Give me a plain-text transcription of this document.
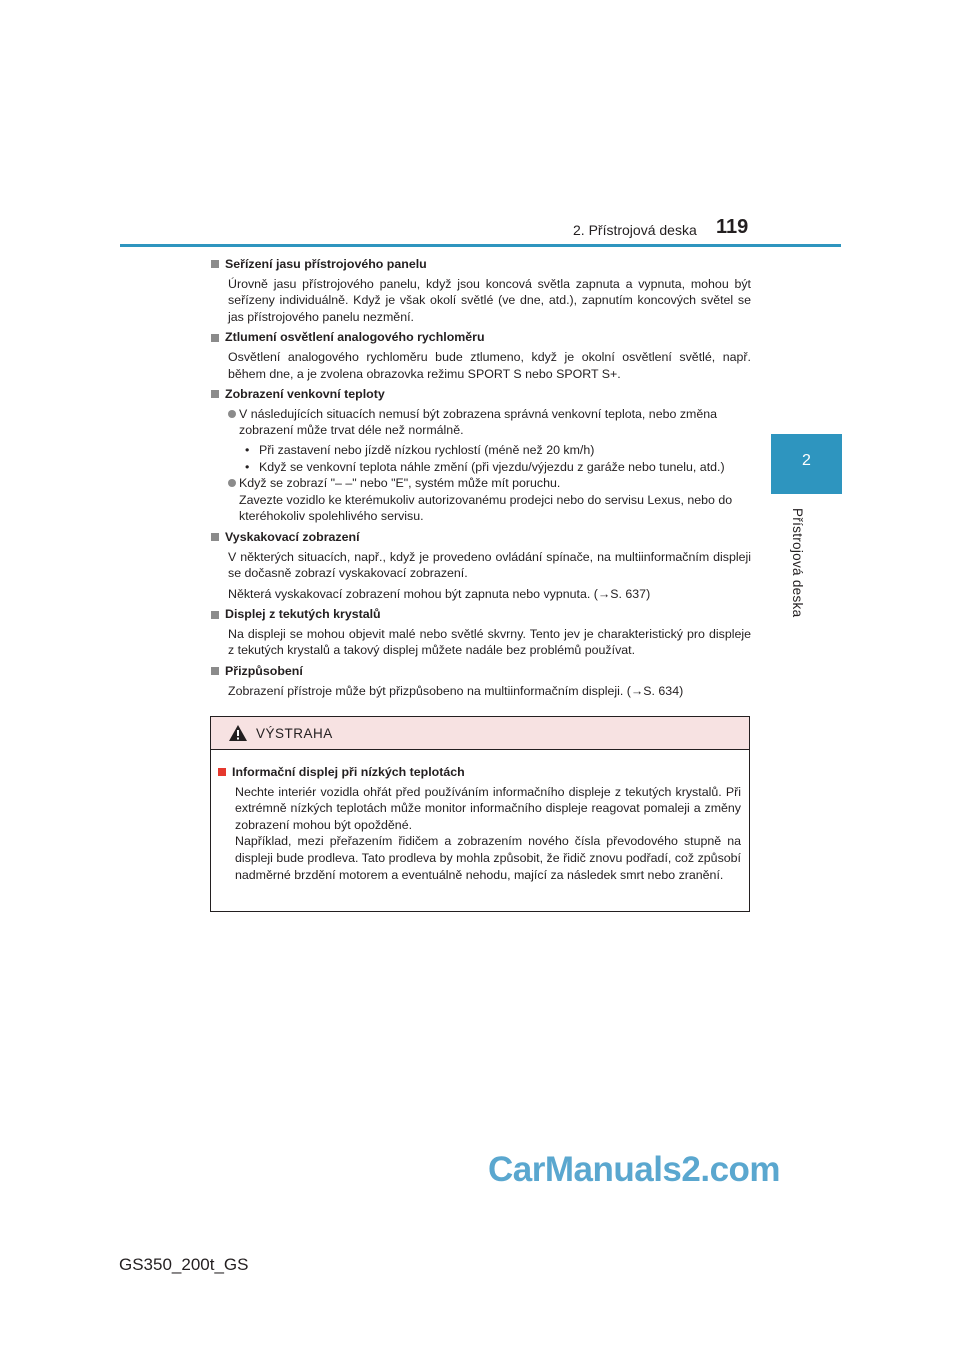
2. Přístrojová deska 119
2
Přístrojová deska
Seřízení jasu přístrojového panelu
Úrovně jasu přístrojového panelu, když jsou koncová světla zapnuta a vypnuta, mohou být seřízeny individuálně. Když je však okolí světlé (ve dne, atd.), zapnutím koncových světel se jas přístrojového panelu nezmění.
Ztlumení osvětlení analogového rychloměru
Osvětlení analogového rychloměru bude ztlumeno, když je okolní osvětlení světlé, např. během dne, a je zvolena obrazovka režimu SPORT S nebo SPORT S+.
Zobrazení venkovní teploty
V následujících situacích nemusí být zobrazena správná venkovní teplota, nebo změna zobrazení může trvat déle než normálně.
• Při zastavení nebo jízdě nízkou rychlostí (méně než 20 km/h)
• Když se venkovní teplota náhle změní (při vjezdu/výjezdu z garáže nebo tunelu, atd.)
Když se zobrazí "– –" nebo "E", systém může mít poruchu.
Zavezte vozidlo ke kterémukoliv autorizovanému prodejci nebo do servisu Lexus, nebo do kteréhokoliv spolehlivého servisu.
Vyskakovací zobrazení
V některých situacích, např., když je provedeno ovládání spínače, na multiinformačním displeji se dočasně zobrazí vyskakovací zobrazení.
Některá vyskakovací zobrazení mohou být zapnuta nebo vypnuta. (→S. 637)
Displej z tekutých krystalů
Na displeji se mohou objevit malé nebo světlé skvrny. Tento jev je charakteristický pro displeje z tekutých krystalů a takový displej můžete nadále bez problémů používat.
Přizpůsobení
Zobrazení přístroje může být přizpůsobeno na multiinformačním displeji. (→S. 634)
VÝSTRAHA
Informační displej při nízkých teplotách
Nechte interiér vozidla ohřát před používáním informačního displeje z tekutých krystalů. Při extrémně nízkých teplotách může monitor informačního displeje reagovat pomaleji a změny zobrazení mohou být opožděné.
Například, mezi přeřazením řidičem a zobrazením nového čísla převodového stupně na displeji bude prodleva. Tato prodleva by mohla způsobit, že řidič znovu podřadí, což způsobí nadměrné brzdění motorem a eventuálně nehodu, mající za následek smrt nebo zranění.
CarManuals2.com
GS350_200t_GS
